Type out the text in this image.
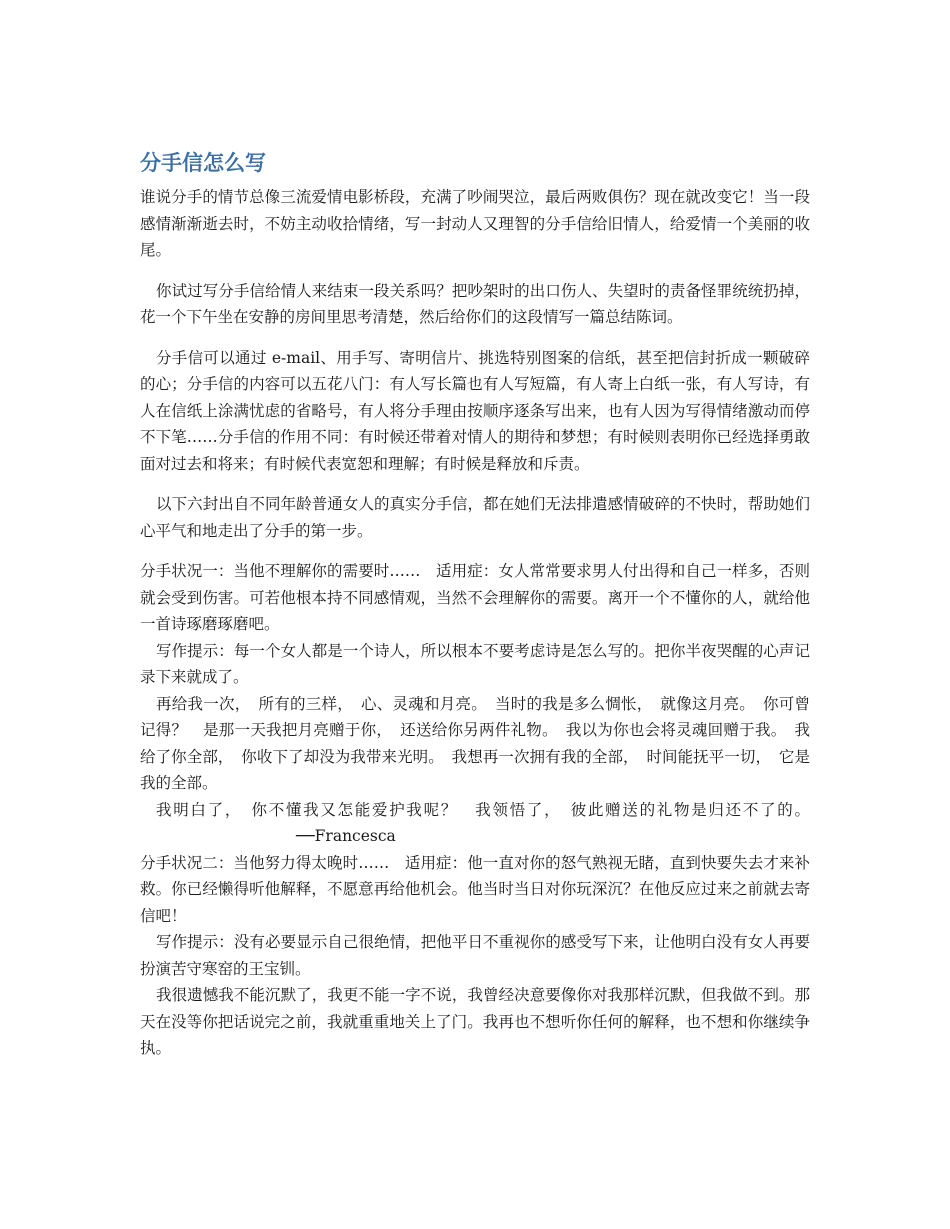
分手信怎么写

谁说分手的情节总像三流爱情电影桥段，充满了吵闹哭泣，最后两败俱伤？现在就改变它！当一段感情渐渐逝去时，不妨主动收拾情绪，写一封动人又理智的分手信给旧情人，给爱情一个美丽的收尾。

你试过写分手信给情人来结束一段关系吗？把吵架时的出口伤人、失望时的责备怪罪统统扔掉，花一个下午坐在安静的房间里思考清楚，然后给你们的这段情写一篇总结陈词。

分手信可以通过 e-mail、用手写、寄明信片、挑选特别图案的信纸，甚至把信封折成一颗破碎的心；分手信的内容可以五花八门：有人写长篇也有人写短篇，有人寄上白纸一张，有人写诗，有人在信纸上涂满忧虑的省略号，有人将分手理由按顺序逐条写出来，也有人因为写得情绪激动而停不下笔……分手信的作用不同：有时候还带着对情人的期待和梦想；有时候则表明你已经选择勇敢面对过去和将来；有时候代表宽恕和理解；有时候是释放和斥责。

以下六封出自不同年龄普通女人的真实分手信，都在她们无法排遣感情破碎的不快时，帮助她们心平气和地走出了分手的第一步。

分手状况一：当他不理解你的需要时……　适用症：女人常常要求男人付出得和自己一样多，否则就会受到伤害。可若他根本持不同感情观，当然不会理解你的需要。离开一个不懂你的人，就给他一首诗琢磨琢磨吧。

写作提示：每一个女人都是一个诗人，所以根本不要考虑诗是怎么写的。把你半夜哭醒的心声记录下来就成了。

再给我一次，　所有的三样，　心、灵魂和月亮。　当时的我是多么惆怅，　就像这月亮。　你可曾记得？　是那一天我把月亮赠于你，　还送给你另两件礼物。　我以为你也会将灵魂回赠于我。　我给了你全部，　你收下了却没为我带来光明。　我想再一次拥有我的全部，　时间能抚平一切，　它是我的全部。

我明白了，　你不懂我又怎能爱护我呢？　我领悟了，　彼此赠送的礼物是归还不了的。──Francesca

分手状况二：当他努力得太晚时……　适用症：他一直对你的怒气熟视无睹，直到快要失去才来补救。你已经懒得听他解释，不愿意再给他机会。他当时当日对你玩深沉？在他反应过来之前就去寄信吧！

写作提示：没有必要显示自己很绝情，把他平日不重视你的感受写下来，让他明白没有女人再要扮演苦守寒窑的王宝钏。

我很遗憾我不能沉默了，我更不能一字不说，我曾经决意要像你对我那样沉默，但我做不到。那天在没等你把话说完之前，我就重重地关上了门。我再也不想听你任何的解释，也不想和你继续争执。
